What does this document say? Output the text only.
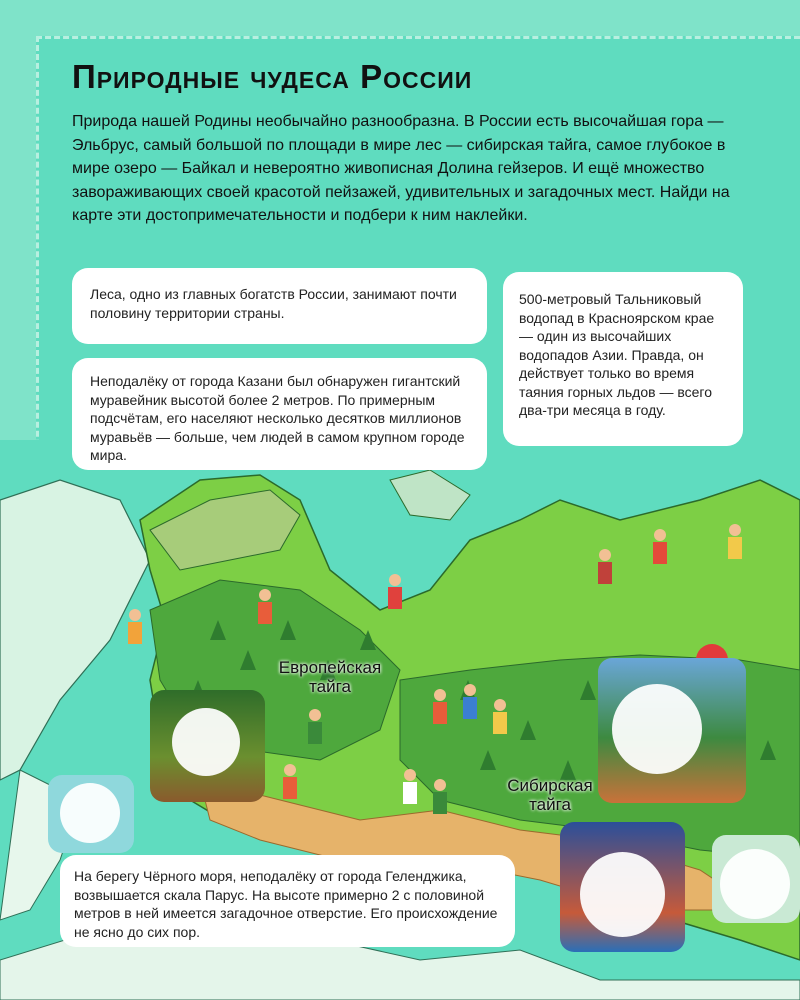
Природные чудеса России

Природа нашей Родины необычайно разнообразна. В России есть высочайшая гора — Эльбрус, самый большой по площади в мире лес — сибирская тайга, самое глубокое в мире озеро — Байкал и невероятно живописная Долина гейзеров. И ещё множество завораживающих своей красотой пейзажей, удивительных и загадочных мест. Найди на карте эти достопримечательности и подбери к ним наклейки.

Европейская тайга
Сибирская тайга
Леса, одно из главных богатств России, занимают почти половину территории страны.
Неподалёку от города Казани был обнаружен гигантский муравейник высотой более 2 метров. По примерным подсчётам, его населяют несколько десятков миллионов муравьёв — больше, чем людей в самом крупном городе мира.
500-метровый Тальниковый водопад в Красноярском крае — один из высочайших водопадов Азии. Правда, он действует только во время таяния горных льдов — всего два-три месяца в году.
На берегу Чёрного моря, неподалёку от города Геленджика, возвышается скала Парус. На высоте примерно 2 с половиной метров в ней имеется загадочное отверстие. Его происхождение не ясно до сих пор.
